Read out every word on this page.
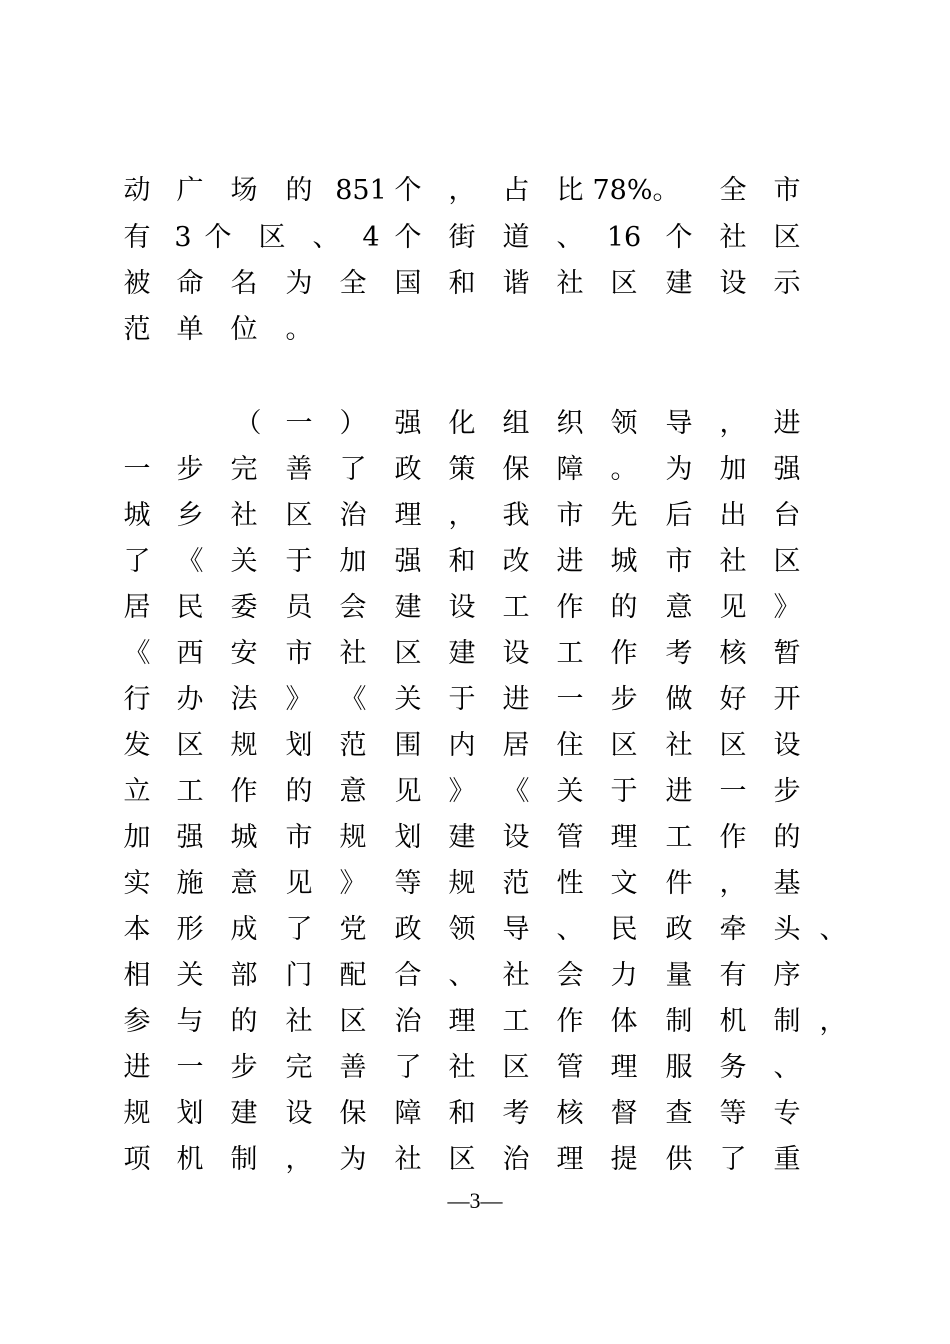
动 广 场 的 851 个 ， 占 比 78%。 全 市
有 3 个 区 、 4 个 街 道 、 16 个 社 区
被 命 名 为 全 国 和 谐 社 区 建 设 示
范 单 位 。
（ 一 ） 强 化 组 织 领 导 ， 进
一 步 完 善 了 政 策 保 障 。 为 加 强
城 乡 社 区 治 理 ， 我 市 先 后 出 台
了 《 关 于 加 强 和 改 进 城 市 社 区
居 民 委 员 会 建 设 工 作 的 意 见 》
《 西 安 市 社 区 建 设 工 作 考 核 暂
行 办 法 》 《 关 于 进 一 步 做 好 开
发 区 规 划 范 围 内 居 住 区 社 区 设
立 工 作 的 意 见 》 《 关 于 进 一 步
加 强 城 市 规 划 建 设 管 理 工 作 的
实 施 意 见 》 等 规 范 性 文 件 ， 基
本 形 成 了 党 政 领 导 、 民 政 牵 头 、
相 关 部 门 配 合 、 社 会 力 量 有 序
参 与 的 社 区 治 理 工 作 体 制 机 制 ，
进 一 步 完 善 了 社 区 管 理 服 务 、
规 划 建 设 保 障 和 考 核 督 查 等 专
项 机 制 ， 为 社 区 治 理 提 供 了 重
—3—
